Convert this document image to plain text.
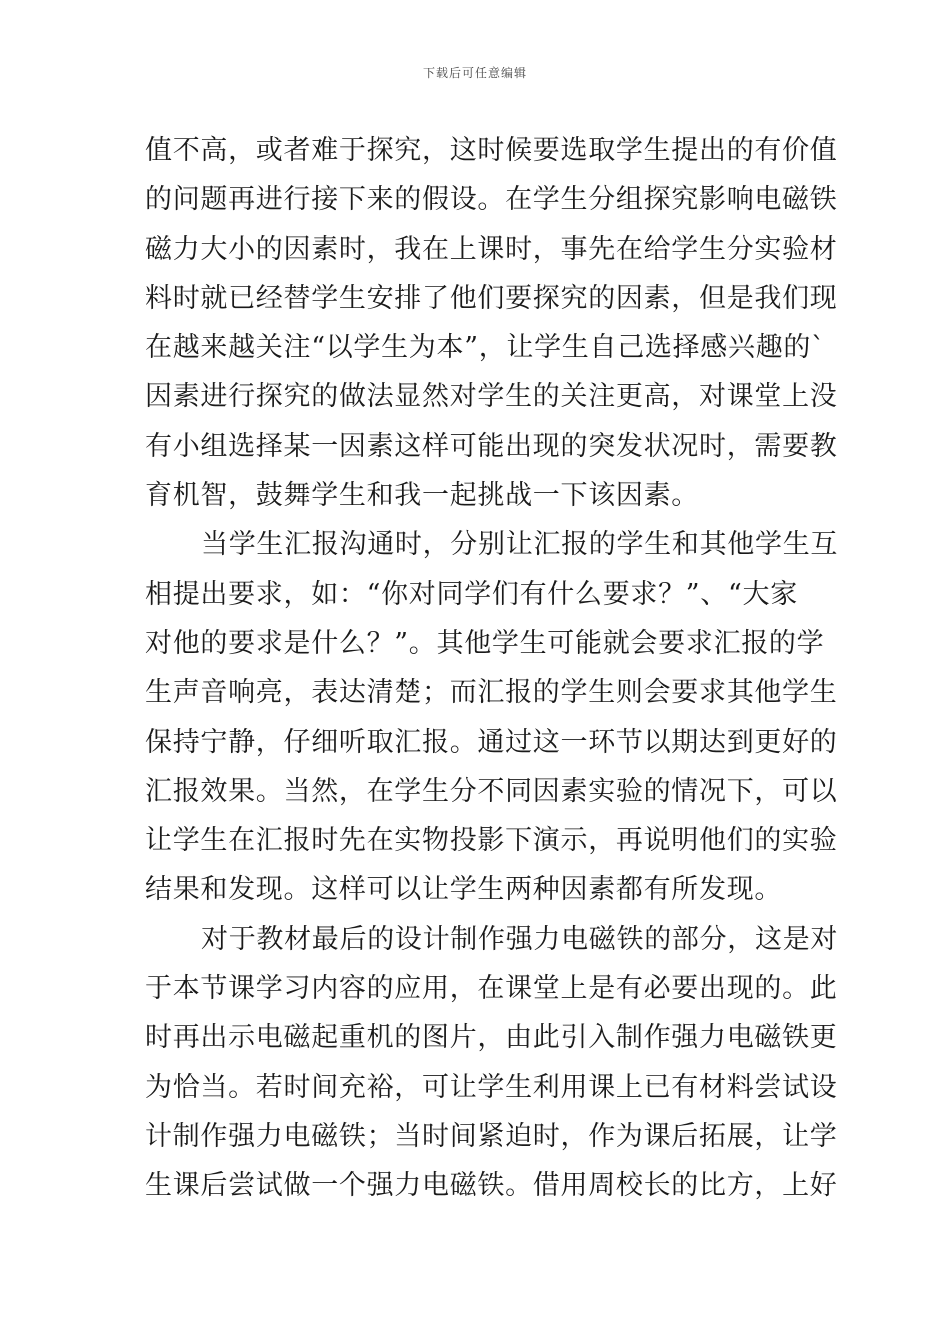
下载后可任意编辑
值不高，或者难于探究，这时候要选取学生提出的有价值
的问题再进行接下来的假设。在学生分组探究影响电磁铁
磁力大小的因素时，我在上课时，事先在给学生分实验材
料时就已经替学生安排了他们要探究的因素，但是我们现
在越来越关注“以学生为本”，让学生自己选择感兴趣的`
因素进行探究的做法显然对学生的关注更高，对课堂上没
有小组选择某一因素这样可能出现的突发状况时，需要教
育机智，鼓舞学生和我一起挑战一下该因素。
当学生汇报沟通时，分别让汇报的学生和其他学生互
相提出要求，如：“你对同学们有什么要求？”、“大家
对他的要求是什么？”。其他学生可能就会要求汇报的学
生声音响亮，表达清楚；而汇报的学生则会要求其他学生
保持宁静，仔细听取汇报。通过这一环节以期达到更好的
汇报效果。当然，在学生分不同因素实验的情况下，可以
让学生在汇报时先在实物投影下演示，再说明他们的实验
结果和发现。这样可以让学生两种因素都有所发现。
对于教材最后的设计制作强力电磁铁的部分，这是对
于本节课学习内容的应用，在课堂上是有必要出现的。此
时再出示电磁起重机的图片，由此引入制作强力电磁铁更
为恰当。若时间充裕，可让学生利用课上已有材料尝试设
计制作强力电磁铁；当时间紧迫时，作为课后拓展，让学
生课后尝试做一个强力电磁铁。借用周校长的比方，上好
